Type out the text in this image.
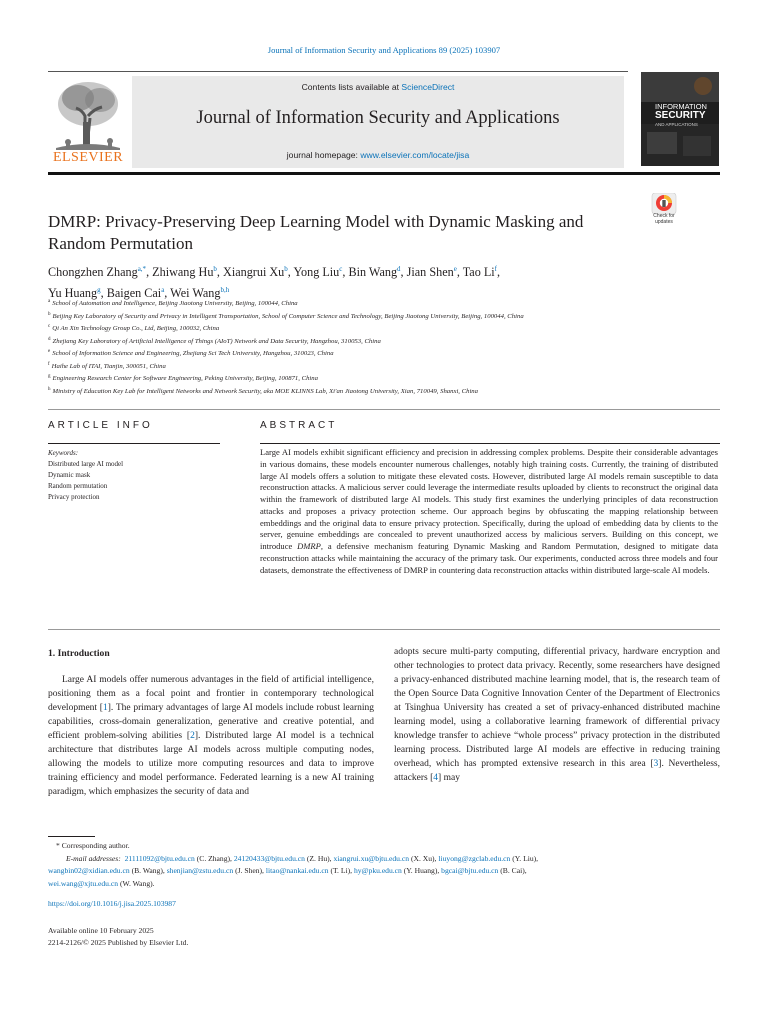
Journal of Information Security and Applications 89 (2025) 103907
ELSEVIER
Contents lists available at ScienceDirect
Journal of Information Security and Applications
journal homepage: www.elsevier.com/locate/jisa
INFORMATION
SECURITY
AND APPLICATIONS
DMRP: Privacy-Preserving Deep Learning Model with Dynamic Masking and
Random Permutation
Check for
updates
Chongzhen Zhang$^{a,*}$, Zhiwang Hu$^b$, Xiangrui Xu$^b$, Yong Liu$^c$, Bin Wang$^d$, Jian Shen$^e$, Tao Li$^f$,
Yu Huang$^g$, Baigen Cai$^a$, Wei Wang$^{b,h}$
$^a$ School of Automation and Intelligence, Beijing Jiaotong University, Beijing, 100044, China
$^b$ Beijing Key Laboratory of Security and Privacy in Intelligent Transportation, School of Computer Science and Technology, Beijing Jiaotong University, Beijing, 100044, China
$^c$ Qi An Xin Technology Group Co., Ltd, Beijing, 100032, China
$^d$ Zhejiang Key Laboratory of Artificial Intelligence of Things (AIoT) Network and Data Security, Hangzhou, 310053, China
$^e$ School of Information Science and Engineering, Zhejiang Sci Tech University, Hangzhou, 310023, China
$^f$ Haihe Lab of ITAI, Tianjin, 300051, China
$^g$ Engineering Research Center for Software Engineering, Peking University, Beijing, 100871, China
$^h$ Ministry of Education Key Lab for Intelligent Networks and Network Security, aka MOE KLINNS Lab, Xi'an Jiaotong University, Xian, 710049, Shanxi, China
ARTICLE INFO
Keywords:
Distributed large AI model
Dynamic mask
Random permutation
Privacy protection
ABSTRACT
Large AI models exhibit significant efficiency and precision in addressing complex problems. Despite their considerable advantages in various domains, these models encounter numerous challenges, notably high training costs. Currently, the training of distributed large AI models offers a solution to mitigate these elevated costs. However, distributed large AI models remain susceptible to data reconstruction attacks. A malicious server could leverage the intermediate results uploaded by clients to reconstruct the original data within the framework of distributed large AI models. This study first examines the underlying principles of data reconstruction attacks and proposes a privacy protection scheme. Our approach begins by obfuscating the mapping relationship between embeddings and the original data to ensure privacy protection. Specifically, during the upload of embedding data by clients to the server, genuine embeddings are concealed to prevent unauthorized access by malicious servers. Building on this concept, we introduce DMRP, a defensive mechanism featuring Dynamic Masking and Random Permutation, designed to mitigate data reconstruction attacks while maintaining the accuracy of the primary task. Our experiments, conducted across three models and four datasets, demonstrate the effectiveness of DMRP in countering data reconstruction attacks within distributed large-scale AI models.
1. Introduction
Large AI models offer numerous advantages in the field of artificial intelligence, positioning them as a focal point and frontier in contemporary technological development [1]. The primary advantages of large AI models include robust learning capabilities, cross-domain generalization, generative and creative potential, and efficient problem-solving abilities [2]. Distributed large AI model is a technical architecture that distributes large AI models across multiple computing nodes, allowing the models to utilize more computing resources and data to improve training efficiency and model performance. Federated learning is a new AI training paradigm, which emphasizes the security of data and
adopts secure multi-party computing, differential privacy, hardware encryption and other technologies to protect data privacy. Recently, some researchers have designed a privacy-enhanced distributed machine learning model, that is, the research team of the Open Source Data Cognitive Innovation Center of the Department of Electronics at Tsinghua University has created a set of privacy-enhanced distributed machine learning model, using a collaborative learning framework of differential privacy knowledge transfer to achieve “whole process” privacy protection in the distributed learning process. Distributed large AI models are effective in reducing training overhead, which has prompted extensive research in this area [3]. Nevertheless, attackers [4] may
* Corresponding author.
E-mail addresses: 21111092@bjtu.edu.cn (C. Zhang), 24120433@bjtu.edu.cn (Z. Hu), xiangrui.xu@bjtu.edu.cn (X. Xu), liuyong@zgclab.edu.cn (Y. Liu),
wangbin02@xidian.edu.cn (B. Wang), shenjian@zstu.edu.cn (J. Shen), litao@nankai.edu.cn (T. Li), hy@pku.edu.cn (Y. Huang), bgcai@bjtu.edu.cn (B. Cai),
wei.wang@xjtu.edu.cn (W. Wang).
https://doi.org/10.1016/j.jisa.2025.103987
Available online 10 February 2025
2214-2126/© 2025 Published by Elsevier Ltd.
